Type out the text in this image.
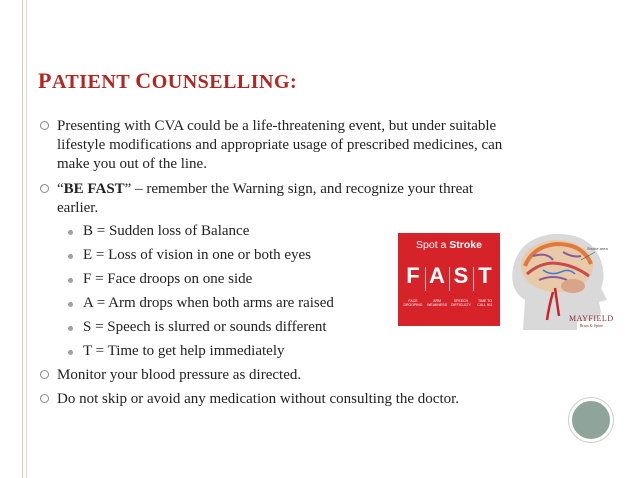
PATIENT COUNSELLING:
Presenting with CVA could be a life-threatening event, but under suitable
lifestyle modifications and appropriate usage of prescribed medicines, can
make you out of the line.
“BE FAST” – remember the Warning sign, and recognize your threat
earlier.
B = Sudden loss of Balance
E = Loss of vision in one or both eyes
F = Face droops on one side
A = Arm drops when both arms are raised
S = Speech is slurred or sounds different
T = Time to get help immediately
Monitor your blood pressure as directed.
Do not skip or avoid any medication without consulting the doctor.
Spot a Stroke
F A S T
FACE DROOPING
ARM WEAKNESS
SPEECH DIFFICULTY
TIME TO CALL 911
Stroke area
MAYFIELD
Brain & Spine
